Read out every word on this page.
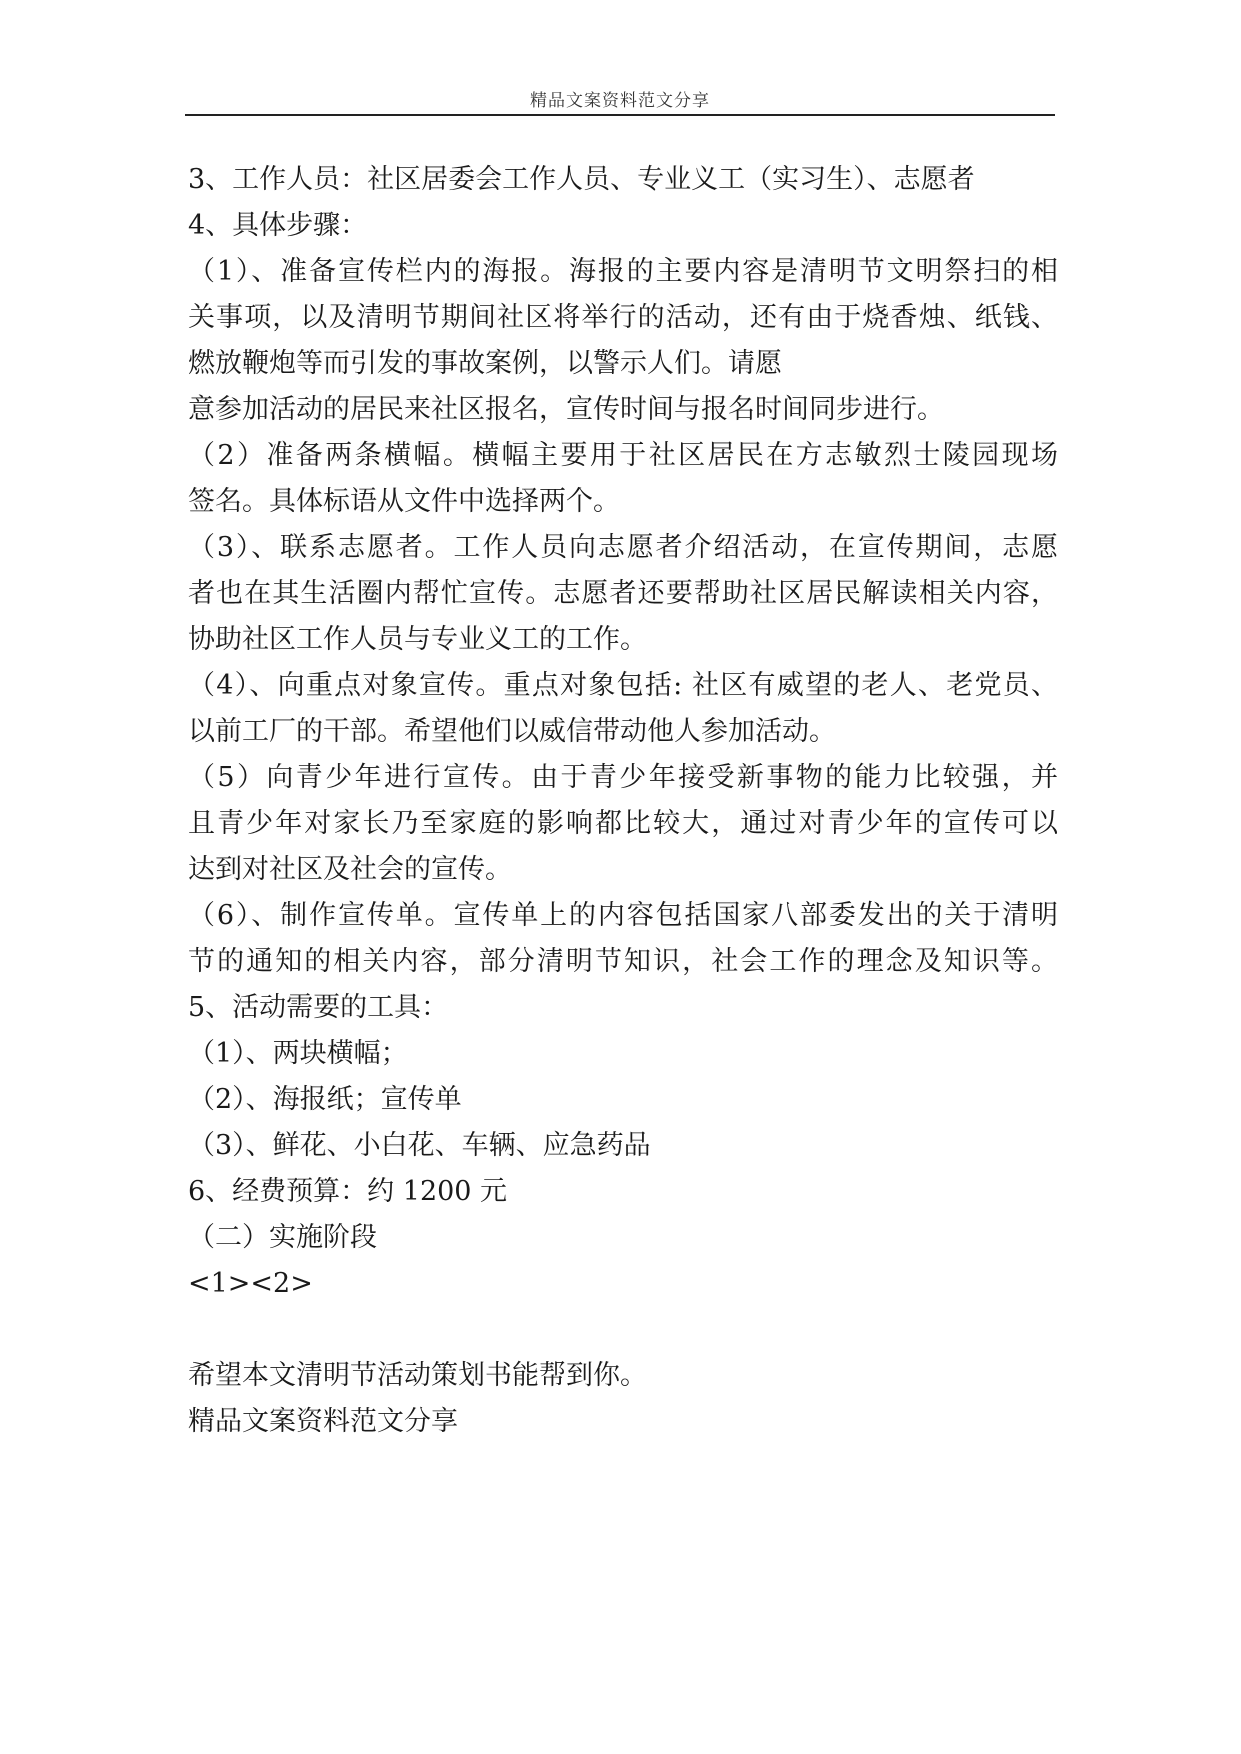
精品文案资料范文分享
3、工作人员：社区居委会工作人员、专业义工（实习生）、志愿者
4、具体步骤：
（1）、准备宣传栏内的海报。海报的主要内容是清明节文明祭扫的相
关事项，以及清明节期间社区将举行的活动，还有由于烧香烛、纸钱、
燃放鞭炮等而引发的事故案例，以警示人们。请愿
意参加活动的居民来社区报名，宣传时间与报名时间同步进行。
（2）准备两条横幅。横幅主要用于社区居民在方志敏烈士陵园现场
签名。具体标语从文件中选择两个。
（3）、联系志愿者。工作人员向志愿者介绍活动，在宣传期间，志愿
者也在其生活圈内帮忙宣传。志愿者还要帮助社区居民解读相关内容，
协助社区工作人员与专业义工的工作。
（4）、向重点对象宣传。重点对象包括: 社区有威望的老人、老党员、
以前工厂的干部。希望他们以威信带动他人参加活动。
（5）向青少年进行宣传。由于青少年接受新事物的能力比较强，并
且青少年对家长乃至家庭的影响都比较大，通过对青少年的宣传可以
达到对社区及社会的宣传。
（6）、制作宣传单。宣传单上的内容包括国家八部委发出的关于清明
节的通知的相关内容，部分清明节知识，社会工作的理念及知识等。
5、活动需要的工具：
（1）、两块横幅；
（2）、海报纸；宣传单
（3）、鲜花、小白花、车辆、应急药品
6、经费预算：约 1200 元
（二）实施阶段
<1><2>
希望本文清明节活动策划书能帮到你。
精品文案资料范文分享
